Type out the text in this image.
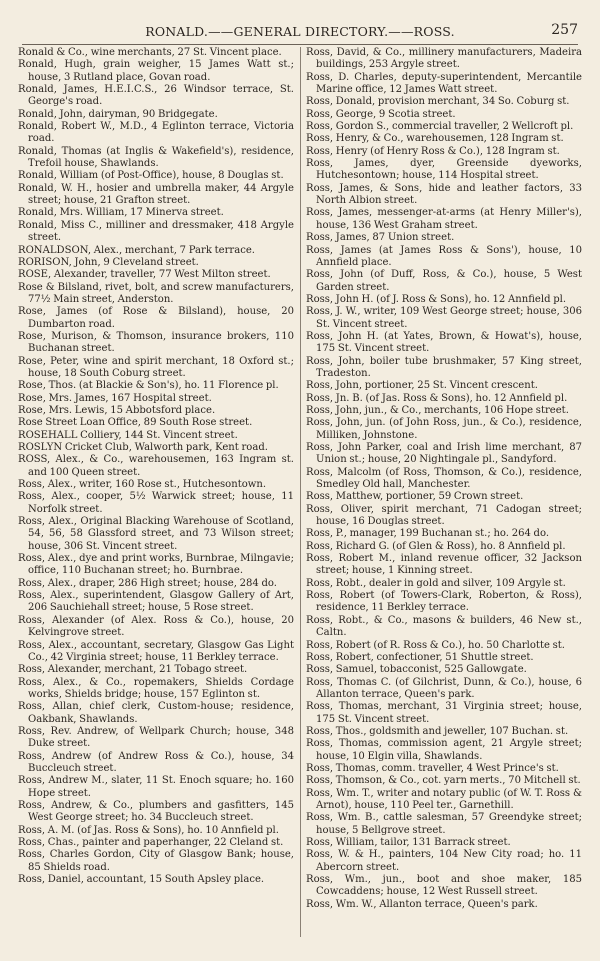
RONALD.——GENERAL DIRECTORY.——ROSS.	257

Ronald & Co., wine merchants, 27 St. Vincent place.

Ronald, Hugh, grain weigher, 15 James Watt st.; house, 3 Rutland place, Govan road.

Ronald, James, H.E.I.C.S., 26 Windsor terrace, St. George's road.

Ronald, John, dairyman, 90 Bridgegate.

Ronald, Robert W., M.D., 4 Eglinton terrace, Victoria road.

Ronald, Thomas (at Inglis & Wakefield's), residence, Trefoil house, Shawlands.

Ronald, William (of Post-Office), house, 8 Douglas st.

Ronald, W. H., hosier and umbrella maker, 44 Argyle street; house, 21 Grafton street.

Ronald, Mrs. William, 17 Minerva street.

Ronald, Miss C., milliner and dressmaker, 418 Argyle street.

RONALDSON, Alex., merchant, 7 Park terrace.

RORISON, John, 9 Cleveland street.

ROSE, Alexander, traveller, 77 West Milton street.

Rose & Bilsland, rivet, bolt, and screw manufacturers, 77½ Main street, Anderston.

Rose, James (of Rose & Bilsland), house, 20 Dumbarton road.

Rose, Murison, & Thomson, insurance brokers, 110 Buchanan street.

Rose, Peter, wine and spirit merchant, 18 Oxford st.; house, 18 South Coburg street.

Rose, Thos. (at Blackie & Son's), ho. 11 Florence pl.

Rose, Mrs. James, 167 Hospital street.

Rose, Mrs. Lewis, 15 Abbotsford place.

Rose Street Loan Office, 89 South Rose street.

ROSEHALL Colliery, 144 St. Vincent street.

ROSLYN Cricket Club, Walworth park, Kent road.

ROSS, Alex., & Co., warehousemen, 163 Ingram st. and 100 Queen street.

Ross, Alex., writer, 160 Rose st., Hutchesontown.

Ross, Alex., cooper, 5½ Warwick street; house, 11 Norfolk street.

Ross, Alex., Original Blacking Warehouse of Scotland, 54, 56, 58 Glassford street, and 73 Wilson street; house, 306 St. Vincent street.

Ross, Alex., dye and print works, Burnbrae, Milngavie; office, 110 Buchanan street; ho. Burnbrae.

Ross, Alex., draper, 286 High street; house, 284 do.

Ross, Alex., superintendent, Glasgow Gallery of Art, 206 Sauchiehall street; house, 5 Rose street.

Ross, Alexander (of Alex. Ross & Co.), house, 20 Kelvingrove street.

Ross, Alex., accountant, secretary, Glasgow Gas Light Co., 42 Virginia street; house, 11 Berkley terrace.

Ross, Alexander, merchant, 21 Tobago street.

Ross, Alex., & Co., ropemakers, Shields Cordage works, Shields bridge; house, 157 Eglinton st.

Ross, Allan, chief clerk, Custom-house; residence, Oakbank, Shawlands.

Ross, Rev. Andrew, of Wellpark Church; house, 348 Duke street.

Ross, Andrew (of Andrew Ross & Co.), house, 34 Buccleuch street.

Ross, Andrew M., slater, 11 St. Enoch square; ho. 160 Hope street.

Ross, Andrew, & Co., plumbers and gasfitters, 145 West George street; ho. 34 Buccleuch street.

Ross, A. M. (of Jas. Ross & Sons), ho. 10 Annfield pl.

Ross, Chas., painter and paperhanger, 22 Cleland st.

Ross, Charles Gordon, City of Glasgow Bank; house, 85 Shields road.

Ross, Daniel, accountant, 15 South Apsley place.

Ross, David, & Co., millinery manufacturers, Madeira buildings, 253 Argyle street.

Ross, D. Charles, deputy-superintendent, Mercantile Marine office, 12 James Watt street.

Ross, Donald, provision merchant, 34 So. Coburg st.

Ross, George, 9 Scotia street.

Ross, Gordon S., commercial traveller, 2 Wellcroft pl.

Ross, Henry, & Co., warehousemen, 128 Ingram st.

Ross, Henry (of Henry Ross & Co.), 128 Ingram st.

Ross, James, dyer, Greenside dyeworks, Hutchesontown; house, 114 Hospital street.

Ross, James, & Sons, hide and leather factors, 33 North Albion street.

Ross, James, messenger-at-arms (at Henry Miller's), house, 136 West Graham street.

Ross, James, 87 Union street.

Ross, James (at James Ross & Sons'), house, 10 Annfield place.

Ross, John (of Duff, Ross, & Co.), house, 5 West Garden street.

Ross, John H. (of J. Ross & Sons), ho. 12 Annfield pl.

Ross, J. W., writer, 109 West George street; house, 306 St. Vincent street.

Ross, John H. (at Yates, Brown, & Howat's), house, 175 St. Vincent street.

Ross, John, boiler tube brushmaker, 57 King street, Tradeston.

Ross, John, portioner, 25 St. Vincent crescent.

Ross, Jn. B. (of Jas. Ross & Sons), ho. 12 Annfield pl.

Ross, John, jun., & Co., merchants, 106 Hope street.

Ross, John, jun. (of John Ross, jun., & Co.), residence, Milliken, Johnstone.

Ross, John Parker, coal and Irish lime merchant, 87 Union st.; house, 20 Nightingale pl., Sandyford.

Ross, Malcolm (of Ross, Thomson, & Co.), residence, Smedley Old hall, Manchester.

Ross, Matthew, portioner, 59 Crown street.

Ross, Oliver, spirit merchant, 71 Cadogan street; house, 16 Douglas street.

Ross, P., manager, 199 Buchanan st.; ho. 264 do.

Ross, Richard G. (of Glen & Ross), ho. 8 Annfield pl.

Ross, Robert M., inland revenue officer, 32 Jackson street; house, 1 Kinning street.

Ross, Robt., dealer in gold and silver, 109 Argyle st.

Ross, Robert (of Towers-Clark, Roberton, & Ross), residence, 11 Berkley terrace.

Ross, Robt., & Co., masons & builders, 46 New st., Caltn.

Ross, Robert (of R. Ross & Co.), ho. 50 Charlotte st.

Ross, Robert, confectioner, 51 Shuttle street.

Ross, Samuel, tobacconist, 525 Gallowgate.

Ross, Thomas C. (of Gilchrist, Dunn, & Co.), house, 6 Allanton terrace, Queen's park.

Ross, Thomas, merchant, 31 Virginia street; house, 175 St. Vincent street.

Ross, Thos., goldsmith and jeweller, 107 Buchan. st.

Ross, Thomas, commission agent, 21 Argyle street; house, 10 Elgin villa, Shawlands.

Ross, Thomas, comm. traveller, 4 West Prince's st.

Ross, Thomson, & Co., cot. yarn merts., 70 Mitchell st.

Ross, Wm. T., writer and notary public (of W. T. Ross & Arnot), house, 110 Peel ter., Garnethill.

Ross, Wm. B., cattle salesman, 57 Greendyke street; house, 5 Bellgrove street.

Ross, William, tailor, 131 Barrack street.

Ross, W. & H., painters, 104 New City road; ho. 11 Abercorn street.

Ross, Wm., jun., boot and shoe maker, 185 Cowcaddens; house, 12 West Russell street.

Ross, Wm. W., Allanton terrace, Queen's park.
